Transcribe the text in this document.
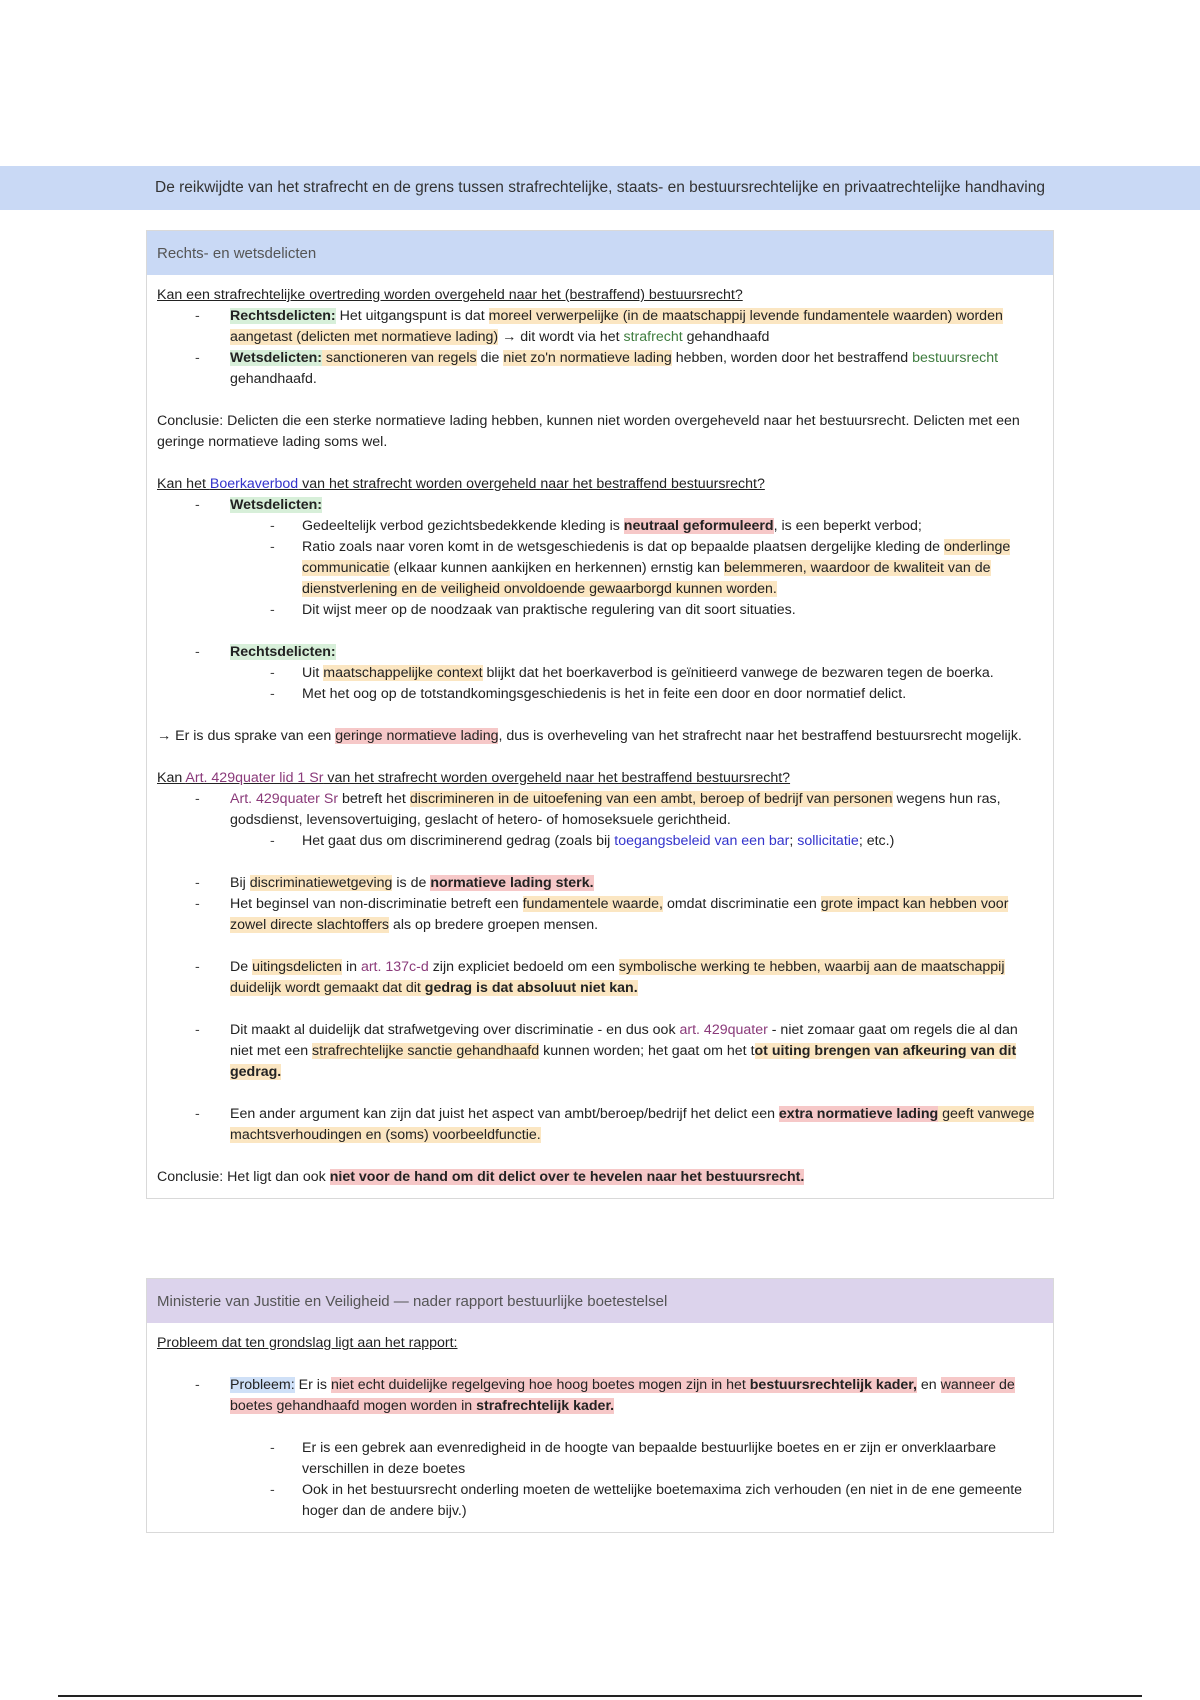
De reikwijdte van het strafrecht en de grens tussen strafrechtelijke, staats- en bestuursrechtelijke en privaatrechtelijke handhaving
Rechts- en wetsdelicten

Kan een strafrechtelijke overtreding worden overgeheld naar het (bestraffend) bestuursrecht?

- Rechtsdelicten: Het uitgangspunt is dat moreel verwerpelijke (in de maatschappij levende fundamentele waarden) worden aangetast (delicten met normatieve lading) → dit wordt via het strafrecht gehandhaafd
- Wetsdelicten: sanctioneren van regels die niet zo'n normatieve lading hebben, worden door het bestraffend bestuursrecht gehandhaafd.

Conclusie: Delicten die een sterke normatieve lading hebben, kunnen niet worden overgeheveld naar het bestuursrecht. Delicten met een geringe normatieve lading soms wel.

Kan het Boerkaverbod van het strafrecht worden overgeheld naar het bestraffend bestuursrecht?

- Wetsdelicten:
- Gedeeltelijk verbod gezichtsbedekkende kleding is neutraal geformuleerd, is een beperkt verbod;
- Ratio zoals naar voren komt in de wetsgeschiedenis is dat op bepaalde plaatsen dergelijke kleding de onderlinge communicatie (elkaar kunnen aankijken en herkennen) ernstig kan belemmeren, waardoor de kwaliteit van de dienstverlening en de veiligheid onvoldoende gewaarborgd kunnen worden.
- Dit wijst meer op de noodzaak van praktische regulering van dit soort situaties.
- Rechtsdelicten:
- Uit maatschappelijke context blijkt dat het boerkaverbod is geïnitieerd vanwege de bezwaren tegen de boerka.
- Met het oog op de totstandkomingsgeschiedenis is het in feite een door en door normatief delict.

→ Er is dus sprake van een geringe normatieve lading, dus is overheveling van het strafrecht naar het bestraffend bestuursrecht mogelijk.

Kan Art. 429quater lid 1 Sr van het strafrecht worden overgeheld naar het bestraffend bestuursrecht?

- Art. 429quater Sr betreft het discrimineren in de uitoefening van een ambt, beroep of bedrijf van personen wegens hun ras, godsdienst, levensovertuiging, geslacht of hetero- of homoseksuele gerichtheid.
- Het gaat dus om discriminerend gedrag (zoals bij toegangsbeleid van een bar; sollicitatie; etc.)
- Bij discriminatiewetgeving is de normatieve lading sterk.
- Het beginsel van non-discriminatie betreft een fundamentele waarde, omdat discriminatie een grote impact kan hebben voor zowel directe slachtoffers als op bredere groepen mensen.
- De uitingsdelicten in art. 137c-d zijn expliciet bedoeld om een symbolische werking te hebben, waarbij aan de maatschappij duidelijk wordt gemaakt dat dit gedrag is dat absoluut niet kan.
- Dit maakt al duidelijk dat strafwetgeving over discriminatie - en dus ook art. 429quater - niet zomaar gaat om regels die al dan niet met een strafrechtelijke sanctie gehandhaafd kunnen worden; het gaat om het tot uiting brengen van afkeuring van dit gedrag.
- Een ander argument kan zijn dat juist het aspect van ambt/beroep/bedrijf het delict een extra normatieve lading geeft vanwege machtsverhoudingen en (soms) voorbeeldfunctie.

Conclusie: Het ligt dan ook niet voor de hand om dit delict over te hevelen naar het bestuursrecht.

Ministerie van Justitie en Veiligheid — nader rapport bestuurlijke boetestelsel

Probleem dat ten grondslag ligt aan het rapport:

- Probleem: Er is niet echt duidelijke regelgeving hoe hoog boetes mogen zijn in het bestuursrechtelijk kader, en wanneer de boetes gehandhaafd mogen worden in strafrechtelijk kader.
- Er is een gebrek aan evenredigheid in de hoogte van bepaalde bestuurlijke boetes en er zijn er onverklaarbare verschillen in deze boetes
- Ook in het bestuursrecht onderling moeten de wettelijke boetemaxima zich verhouden (en niet in de ene gemeente hoger dan de andere bijv.)
